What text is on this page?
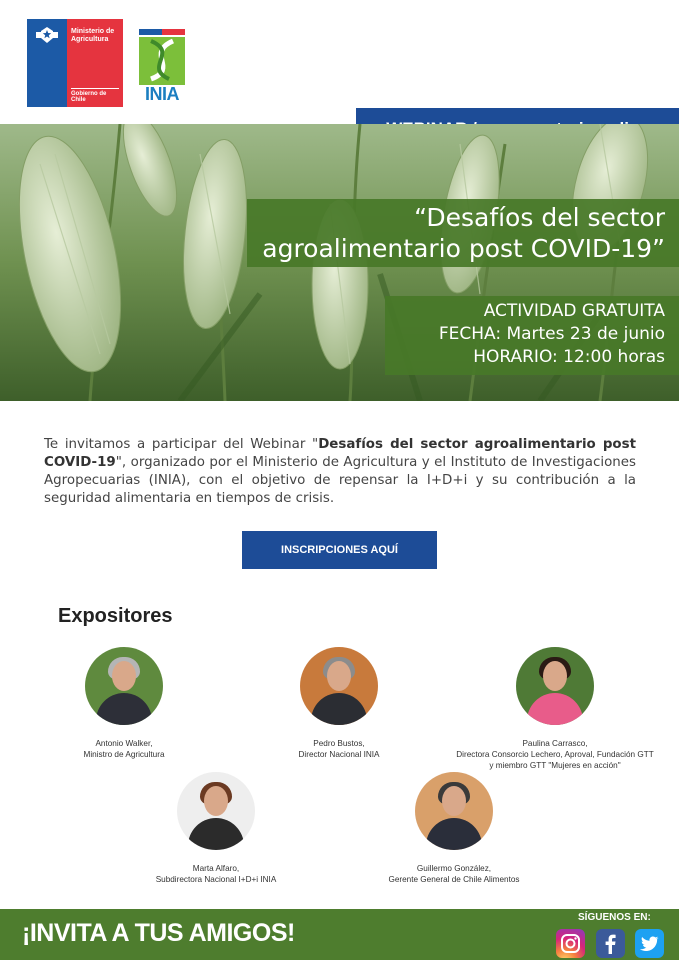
Ministerio de
Agricultura
Gobierno de Chile	INIA
“Desafíos del sector
agroalimentario post COVID-19”
ACTIVIDAD GRATUITA
FECHA: Martes 23 de junio
HORARIO: 12:00 horas

Te invitamos a participar del Webinar "Desafíos del sector agroalimentario post COVID-19", organizado por el Ministerio de Agricultura y el Instituto de Investigaciones Agropecuarias (INIA), con el objetivo de repensar la I+D+i y su contribución a la seguridad alimentaria en tiempos de crisis.

INSCRIPCIONES AQUÍ
Expositores
Antonio Walker,
Ministro de Agricultura
Pedro Bustos,
Director Nacional INIA
Paulina Carrasco,
Directora Consorcio Lechero, Aproval, Fundación GTT
y miembro GTT "Mujeres en acción"
Marta Alfaro,
Subdirectora Nacional I+D+i INIA
Guillermo González,
Gerente General de Chile Alimentos
¡INVITA A TUS AMIGOS!
SÍGUENOS EN:
